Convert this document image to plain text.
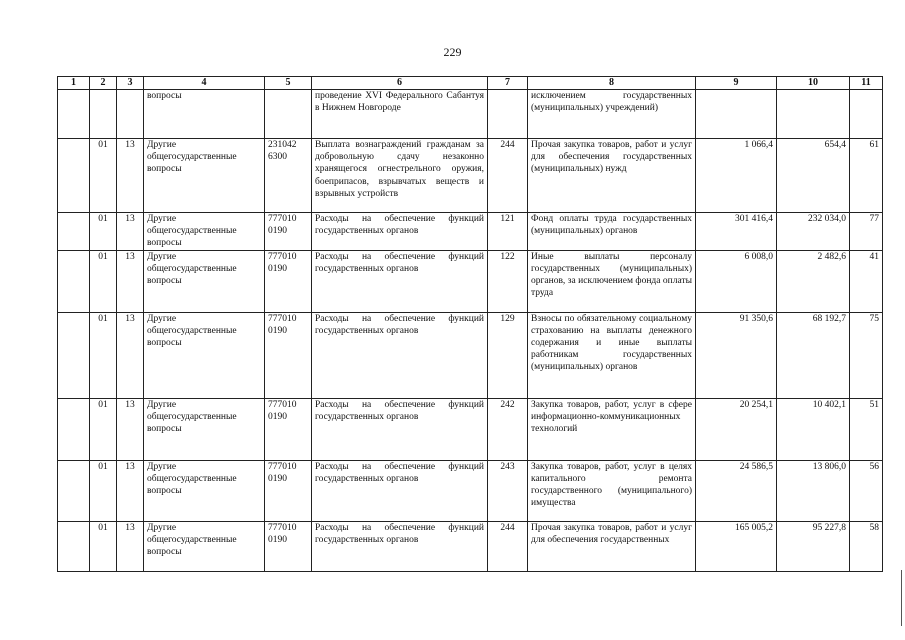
229
1	2	3	4	5	6	7	8	9	10	11
			вопросы		проведение XVI Федерального Сабантуя в Нижнем Новгороде		исключением государственных (муниципальных) учреждений)			
	01	13	Другие общегосударственные вопросы	231042 6300	Выплата вознаграждений гражданам за добровольную сдачу незаконно хранящегося огнестрельного оружия, боеприпасов, взрывчатых веществ и взрывных устройств	244	Прочая закупка товаров, работ и услуг для обеспечения государственных (муниципальных) нужд	1 066,4	654,4	61
	01	13	Другие общегосударственные вопросы	777010 0190	Расходы на обеспечение функций государственных органов	121	Фонд оплаты труда государственных (муниципальных) органов	301 416,4	232 034,0	77
	01	13	Другие общегосударственные вопросы	777010 0190	Расходы на обеспечение функций государственных органов	122	Иные выплаты персоналу государственных (муниципальных) органов, за исключением фонда оплаты труда	6 008,0	2 482,6	41
	01	13	Другие общегосударственные вопросы	777010 0190	Расходы на обеспечение функций государственных органов	129	Взносы по обязательному социальному страхованию на выплаты денежного содержания и иные выплаты работникам государственных (муниципальных) органов	91 350,6	68 192,7	75
	01	13	Другие общегосударственные вопросы	777010 0190	Расходы на обеспечение функций государственных органов	242	Закупка товаров, работ, услуг в сфере информационно-коммуникационных технологий	20 254,1	10 402,1	51
	01	13	Другие общегосударственные вопросы	777010 0190	Расходы на обеспечение функций государственных органов	243	Закупка товаров, работ, услуг в целях капитального ремонта государственного (муниципального) имущества	24 586,5	13 806,0	56
	01	13	Другие общегосударственные вопросы	777010 0190	Расходы на обеспечение функций государственных органов	244	Прочая закупка товаров, работ и услуг для обеспечения государственных	165 005,2	95 227,8	58
